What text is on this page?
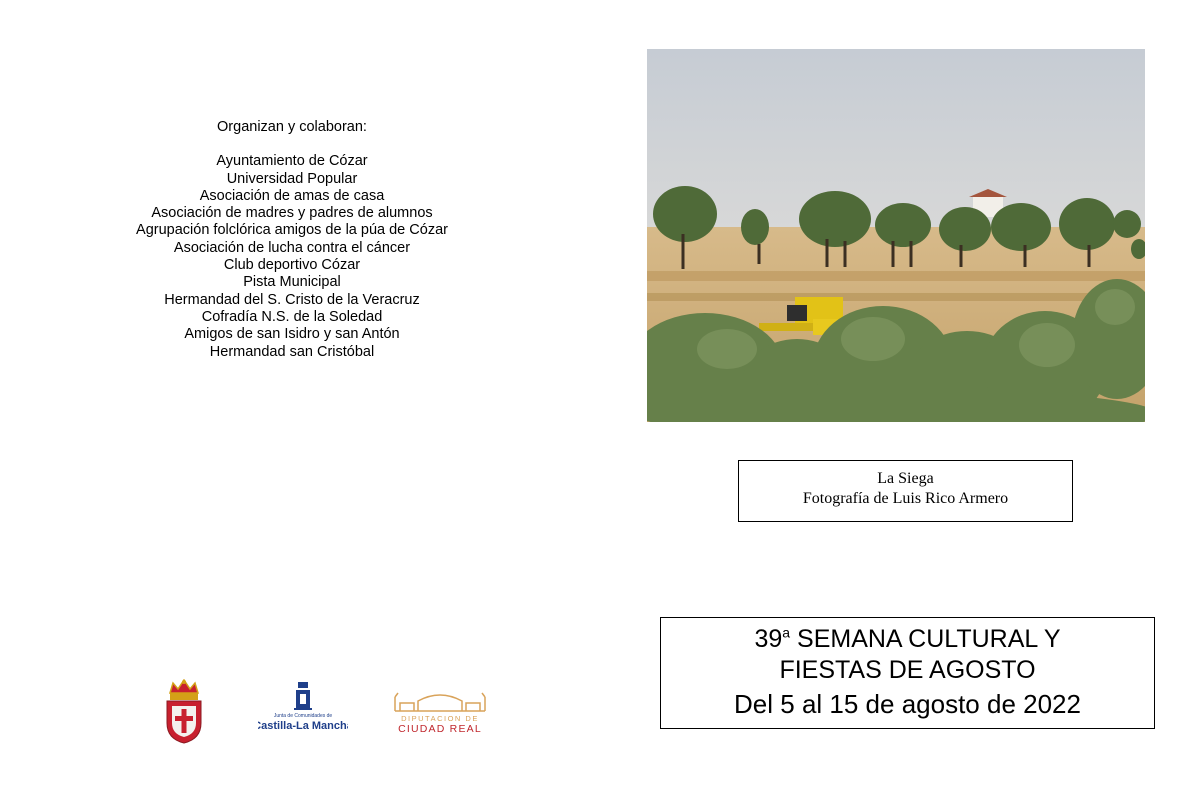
Organizan y colaboran:
Ayuntamiento de Cózar
Universidad Popular
Asociación de amas de casa
Asociación de madres y padres de alumnos
Agrupación folclórica amigos de la púa de Cózar
Asociación de lucha contra el cáncer
Club deportivo Cózar
Pista Municipal
Hermandad del S. Cristo de la Veracruz
Cofradía N.S. de la Soledad
Amigos de san Isidro y san Antón
Hermandad san Cristóbal
La Siega
Fotografía de Luis Rico Armero
39$^a$ SEMANA CULTURAL Y
FIESTAS DE AGOSTO
Del 5 al 15 de agosto de 2022
Junta de Comunidades de
Castilla-La Mancha
DIPUTACION DE
CIUDAD REAL
